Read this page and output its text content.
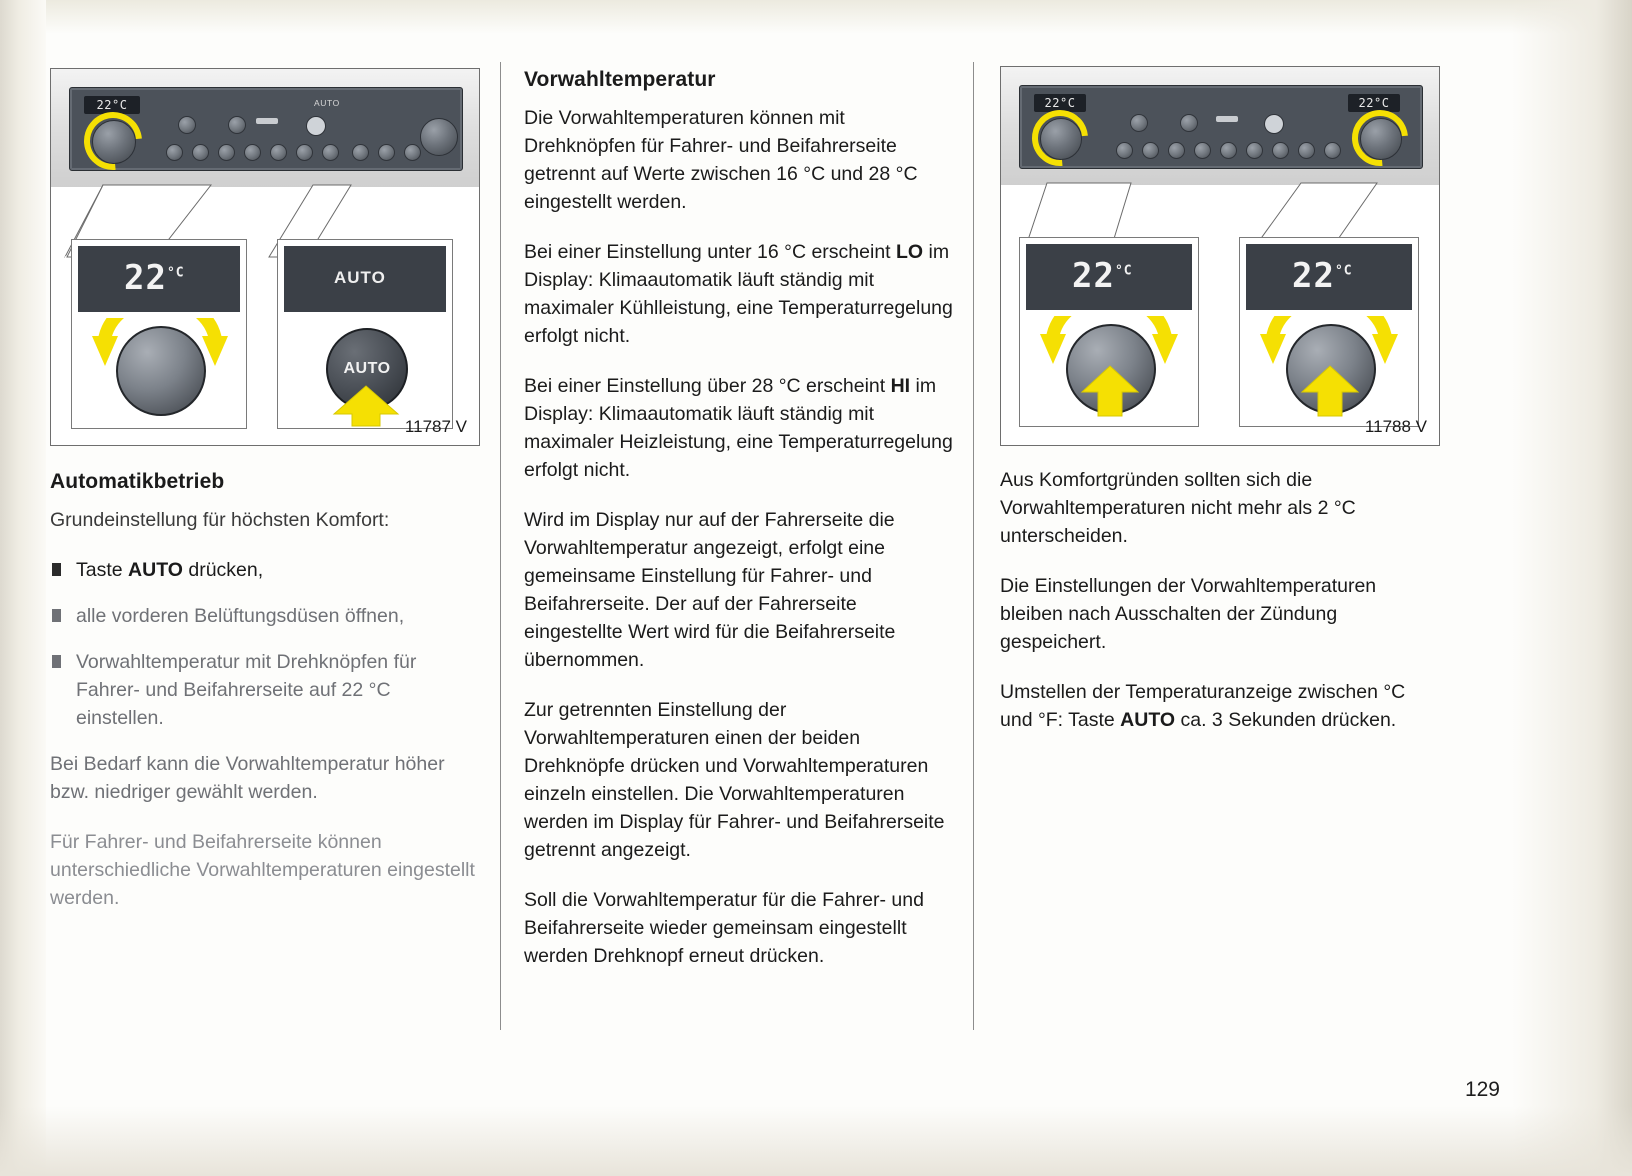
22°C	AUTO
$22^{^\circ C}$	AUTO
AUTO
11787 V
22°C	22°C
$22^{^\circ C}$	$22^{^\circ C}$
11788 V
Automatikbetrieb

Grundeinstellung für höchsten Komfort:

Taste AUTO drücken,
alle vorderen Belüftungsdüsen öffnen,
Vorwahltemperatur mit Drehknöpfen für Fahrer- und Beifahrerseite auf 22 °C einstellen.

Bei Bedarf kann die Vorwahltemperatur höher bzw. niedriger gewählt werden.

Für Fahrer- und Beifahrerseite können unterschiedliche Vorwahltemperaturen eingestellt werden.

Vorwahltemperatur

Die Vorwahltemperaturen können mit Drehknöpfen für Fahrer- und Beifahrerseite getrennt auf Werte zwischen 16 °C und 28 °C eingestellt werden.

Bei einer Einstellung unter 16 °C erscheint LO im Display: Klimaautomatik läuft ständig mit maximaler Kühlleistung, eine Temperaturregelung erfolgt nicht.

Bei einer Einstellung über 28 °C erscheint HI im Display: Klimaautomatik läuft ständig mit maximaler Heizleistung, eine Temperaturregelung erfolgt nicht.

Wird im Display nur auf der Fahrerseite die Vorwahltemperatur angezeigt, erfolgt eine gemeinsame Einstellung für Fahrer- und Beifahrerseite. Der auf der Fahrerseite eingestellte Wert wird für die Beifahrerseite übernommen.

Zur getrennten Einstellung der Vorwahltemperaturen einen der beiden Drehknöpfe drücken und Vorwahltemperaturen einzeln einstellen. Die Vorwahltemperaturen werden im Display für Fahrer- und Beifahrerseite getrennt angezeigt.

Soll die Vorwahltemperatur für die Fahrer- und Beifahrerseite wieder gemeinsam eingestellt werden Drehknopf erneut drücken.

Aus Komfortgründen sollten sich die Vorwahltemperaturen nicht mehr als 2 °C unterscheiden.

Die Einstellungen der Vorwahltemperaturen bleiben nach Ausschalten der Zündung gespeichert.

Umstellen der Temperaturanzeige zwischen °C und °F: Taste AUTO ca. 3 Sekunden drücken.

129
